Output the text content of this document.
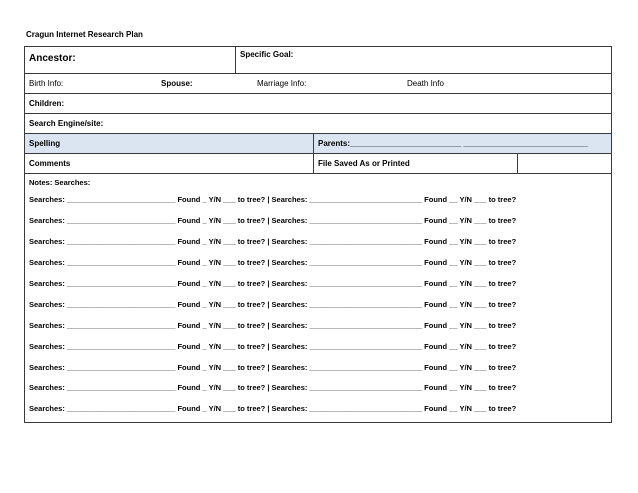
Cragun Internet Research Plan
Ancestor:	Specific Goal:
Birth Info:	Spouse:	Marriage Info:	Death Info
Children:
Search Engine/site:
Spelling	Parents:_________________________ ____________________________
Comments	File Saved As or Printed
Notes: Searches:
Searches: __________________________ Found _ Y/N ___ to tree? | Searches: ___________________________ Found __ Y/N ___ to tree?
Searches: __________________________ Found _ Y/N ___ to tree? | Searches: ___________________________ Found __ Y/N ___ to tree?
Searches: __________________________ Found _ Y/N ___ to tree? | Searches: ___________________________ Found __ Y/N ___ to tree?
Searches: __________________________ Found _ Y/N ___ to tree? | Searches: ___________________________ Found __ Y/N ___ to tree?
Searches: __________________________ Found _ Y/N ___ to tree? | Searches: ___________________________ Found __ Y/N ___ to tree?
Searches: __________________________ Found _ Y/N ___ to tree? | Searches: ___________________________ Found __ Y/N ___ to tree?
Searches: __________________________ Found _ Y/N ___ to tree? | Searches: ___________________________ Found __ Y/N ___ to tree?
Searches: __________________________ Found _ Y/N ___ to tree? | Searches: ___________________________ Found __ Y/N ___ to tree?
Searches: __________________________ Found _ Y/N ___ to tree? | Searches: ___________________________ Found __ Y/N ___ to tree?
Searches: __________________________ Found _ Y/N ___ to tree? | Searches: ___________________________ Found __ Y/N ___ to tree?
Searches: __________________________ Found _ Y/N ___ to tree? | Searches: ___________________________ Found __ Y/N ___ to tree?
